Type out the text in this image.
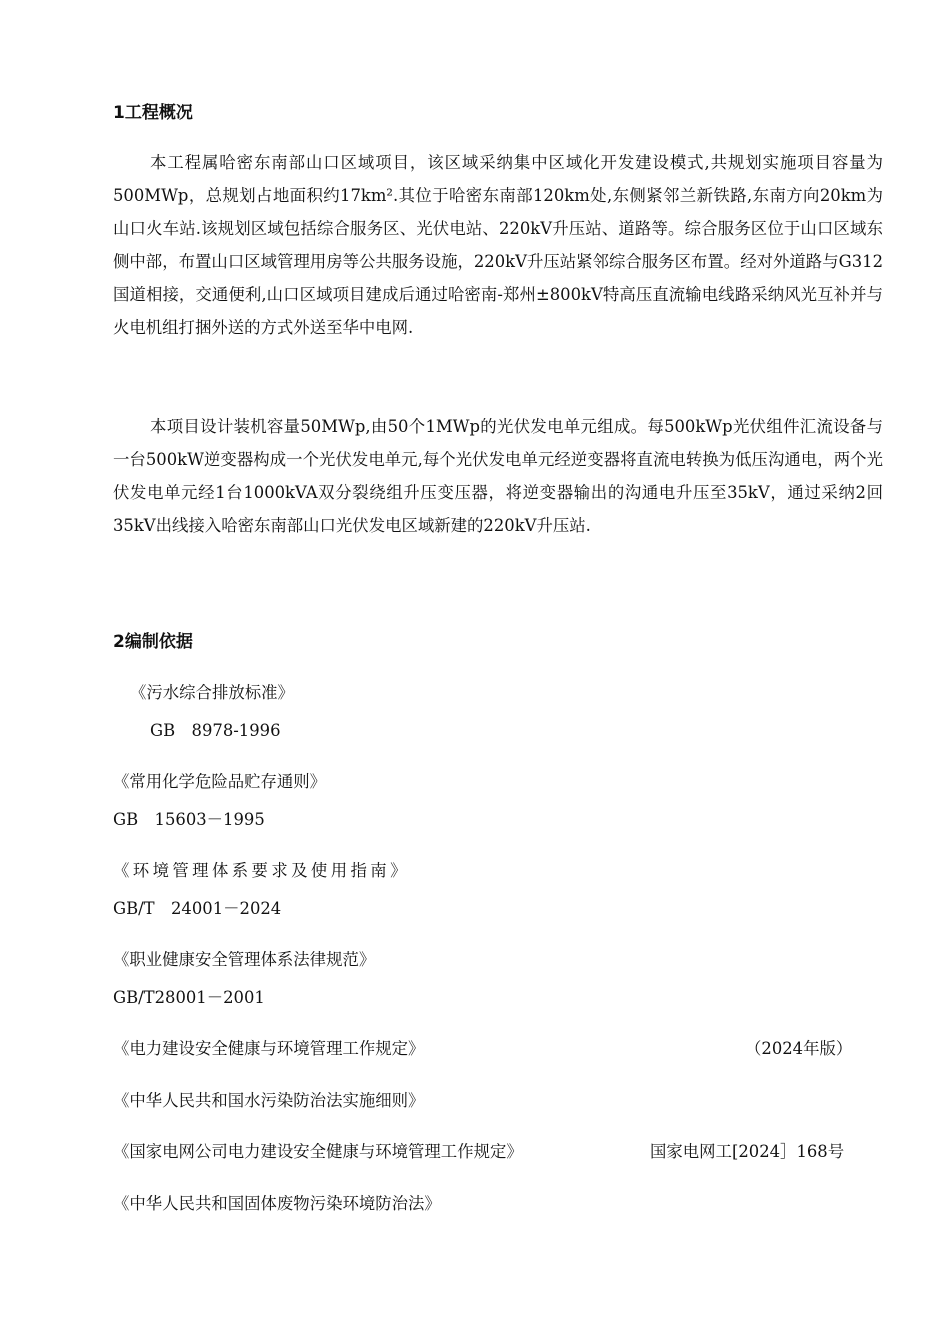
1工程概况

本工程属哈密东南部山口区域项目，该区域采纳集中区域化开发建设模式,共规划实施项目容量为500MWp，总规划占地面积约17km².其位于哈密东南部120km处,东侧紧邻兰新铁路,东南方向20km为山口火车站.该规划区域包括综合服务区、光伏电站、220kV升压站、道路等。综合服务区位于山口区域东侧中部，布置山口区域管理用房等公共服务设施，220kV升压站紧邻综合服务区布置。经对外道路与G312国道相接，交通便利,山口区域项目建成后通过哈密南-郑州±800kV特高压直流输电线路采纳风光互补并与火电机组打捆外送的方式外送至华中电网.

本项目设计装机容量50MWp,由50个1MWp的光伏发电单元组成。每500kWp光伏组件汇流设备与一台500kW逆变器构成一个光伏发电单元,每个光伏发电单元经逆变器将直流电转换为低压沟通电，两个光伏发电单元经1台1000kVA双分裂绕组升压变压器，将逆变器输出的沟通电升压至35kV，通过采纳2回35kV出线接入哈密东南部山口光伏发电区域新建的220kV升压站.

2编制依据
《污水综合排放标准》
GB　8978-1996
《常用化学危险品贮存通则》
GB　15603－1995
《环境管理体系要求及使用指南》
GB/T　24001－2024
《职业健康安全管理体系法律规范》
GB/T28001－2001
《电力建设安全健康与环境管理工作规定》	（2024年版）
《中华人民共和国水污染防治法实施细则》
《国家电网公司电力建设安全健康与环境管理工作规定》	国家电网工[2024］168号
《中华人民共和国固体废物污染环境防治法》
